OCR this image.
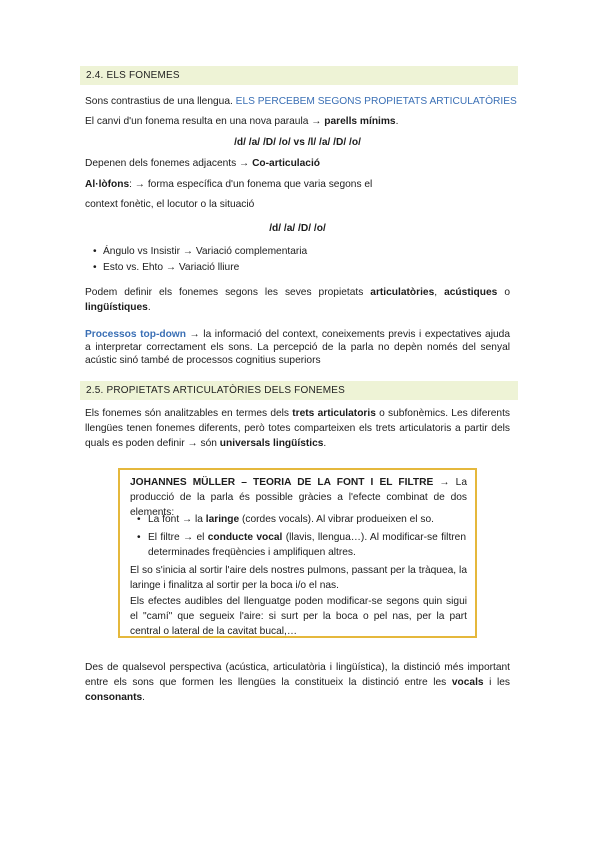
2.4. ELS FONEMES
Sons contrastius de una llengua. ELS PERCEBEM SEGONS PROPIETATS ARTICULATÒRIES
El canvi d'un fonema resulta en una nova paraula → parells mínims.
/d/ /a/ /D/ /o/ vs /l/ /a/ /D/ /o/
Depenen dels fonemes adjacents → Co-articulació
Al·lòfons: → forma específica d'un fonema que varia segons el
context fonètic, el locutor o la situació
/d/ /a/ /D/ /o/
• Ángulo vs Insistir → Variació complementaria
• Esto vs. Ehto → Variació lliure
Podem definir els fonemes segons les seves propietats articulatòries, acústiques o lingüístiques.
Processos top-down → la informació del context, coneixements previs i expectatives ajuda a interpretar correctament els sons. La percepció de la parla no depèn només del senyal acústic sinó també de processos cognitius superiors
2.5. PROPIETATS ARTICULATÒRIES DELS FONEMES
Els fonemes són analitzables en termes dels trets articulatoris o subfonèmics. Les diferents llengües tenen fonemes diferents, però totes comparteixen els trets articulatoris a partir dels quals es poden definir → són universals lingüístics.
JOHANNES MÜLLER – TEORIA DE LA FONT I EL FILTRE → La producció de la parla és possible gràcies a l'efecte combinat de dos elements:
• La font → la laringe (cordes vocals). Al vibrar produeixen el so.
• El filtre → el conducte vocal (llavis, llengua…). Al modificar-se filtren determinades freqüències i amplifiquen altres.
El so s'inicia al sortir l'aire dels nostres pulmons, passant per la tràquea, la laringe i finalitza al sortir per la boca i/o el nas.
Els efectes audibles del llenguatge poden modificar-se segons quin sigui el "camí" que segueix l'aire: si surt per la boca o pel nas, per la part central o lateral de la cavitat bucal,…
Des de qualsevol perspectiva (acústica, articulatòria i lingüística), la distinció més important entre els sons que formen les llengües la constitueix la distinció entre les vocals i les consonants.
